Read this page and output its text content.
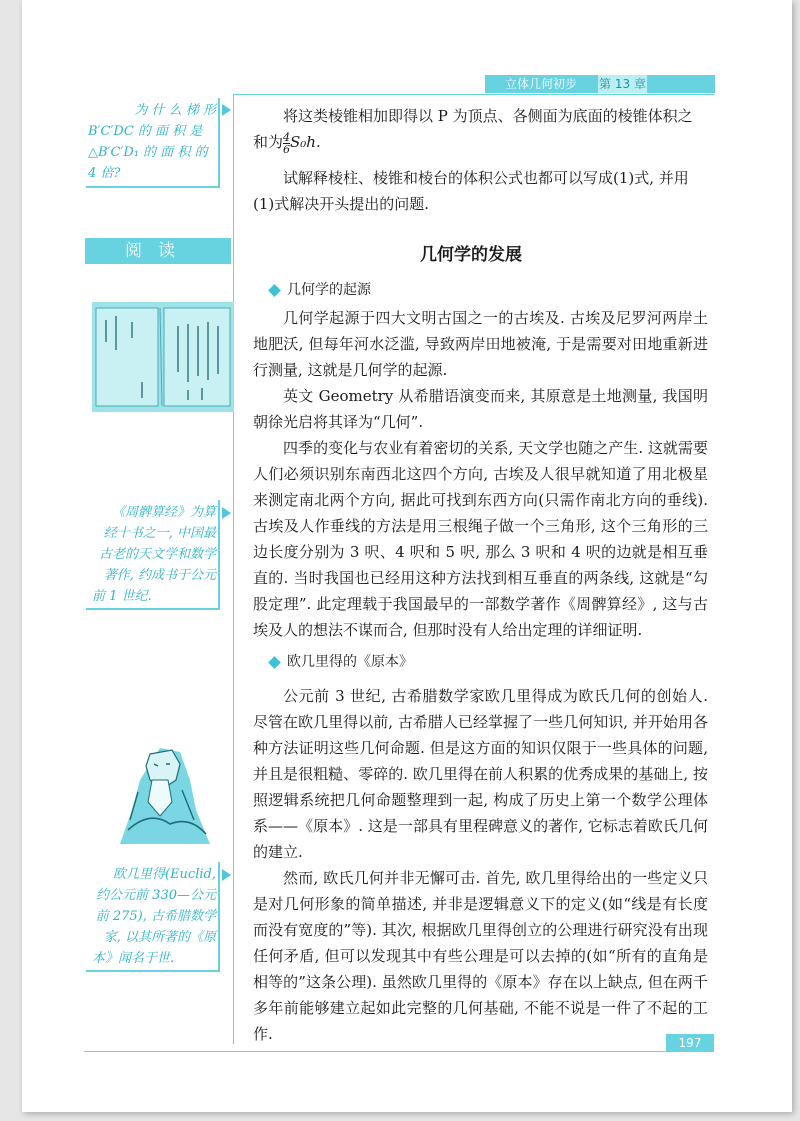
立体几何初步	第 13 章
为 什 么 梯 形
B′C′DC 的 面 积 是
△B′C′D₁ 的 面 积 的
4 倍?
将这类棱锥相加即得以 P 为顶点、各侧面为底面的棱锥体积之
和为 $\frac{4}{6} S_0h$.
试解释棱柱、棱锥和棱台的体积公式也都可以写成(1)式, 并用
(1)式解决开头提出的问题.
阅读	几何学的发展
《周髀算经》为算
经十书之一, 中国最
古老的天文学和数学
著作, 约成书于公元
前 1 世纪.
欧几里得(Euclid,
约公元前 330—公元
前 275), 古希腊数学
家, 以其所著的《原
本》闻名于世.
几何学的起源
几何学起源于四大文明古国之一的古埃及. 古埃及尼罗河两岸土地肥沃, 但每年河水泛滥, 导致两岸田地被淹, 于是需要对田地重新进行测量, 这就是几何学的起源.
英文 Geometry 从希腊语演变而来, 其原意是土地测量, 我国明朝徐光启将其译为“几何”.
四季的变化与农业有着密切的关系, 天文学也随之产生. 这就需要人们必须识别东南西北这四个方向, 古埃及人很早就知道了用北极星来测定南北两个方向, 据此可找到东西方向(只需作南北方向的垂线). 古埃及人作垂线的方法是用三根绳子做一个三角形, 这个三角形的三边长度分别为 3 呎、4 呎和 5 呎, 那么 3 呎和 4 呎的边就是相互垂直的. 当时我国也已经用这种方法找到相互垂直的两条线, 这就是“勾股定理”. 此定理载于我国最早的一部数学著作《周髀算经》, 这与古埃及人的想法不谋而合, 但那时没有人给出定理的详细证明.
欧几里得的《原本》
公元前 3 世纪, 古希腊数学家欧几里得成为欧氏几何的创始人. 尽管在欧几里得以前, 古希腊人已经掌握了一些几何知识, 并开始用各种方法证明这些几何命题. 但是这方面的知识仅限于一些具体的问题, 并且是很粗糙、零碎的. 欧几里得在前人积累的优秀成果的基础上, 按照逻辑系统把几何命题整理到一起, 构成了历史上第一个数学公理体系——《原本》. 这是一部具有里程碑意义的著作, 它标志着欧氏几何的建立.
然而, 欧氏几何并非无懈可击. 首先, 欧几里得给出的一些定义只是对几何形象的简单描述, 并非是逻辑意义下的定义(如“线是有长度而没有宽度的”等). 其次, 根据欧几里得创立的公理进行研究没有出现任何矛盾, 但可以发现其中有些公理是可以去掉的(如“所有的直角是相等的”这条公理). 虽然欧几里得的《原本》存在以上缺点, 但在两千多年前能够建立起如此完整的几何基础, 不能不说是一件了不起的工作.	197
